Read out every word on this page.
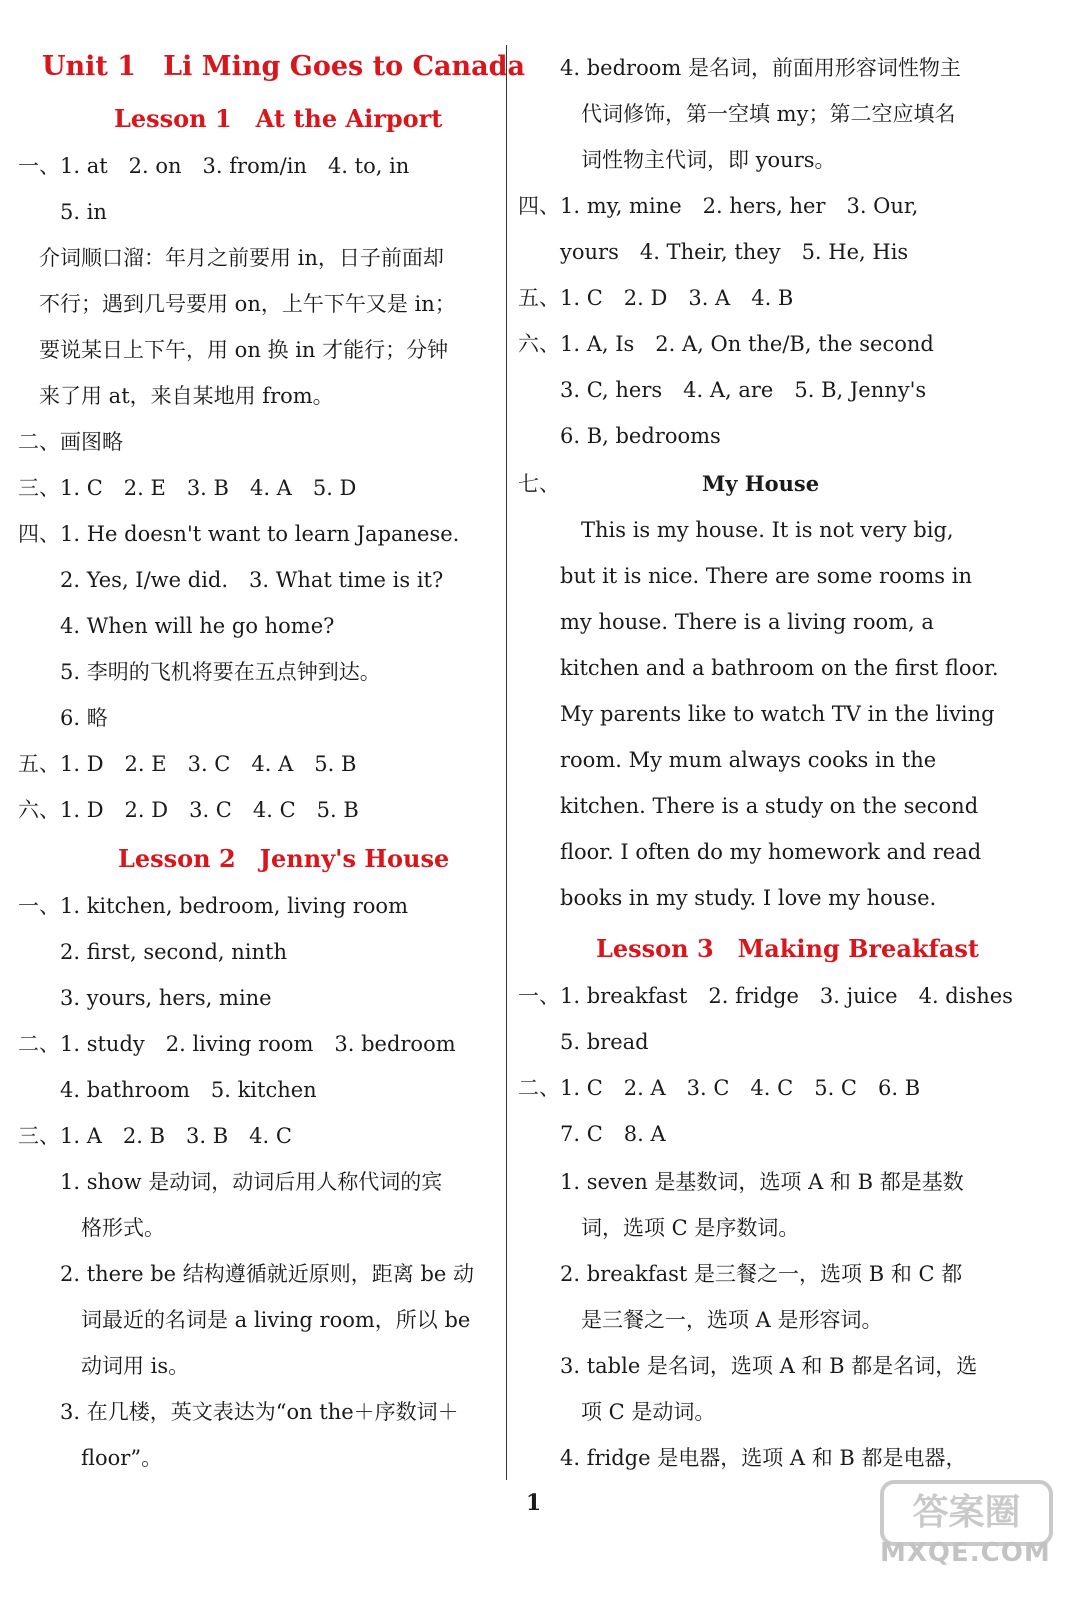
Unit 1　Li Ming Goes to Canada
Lesson 1　At the Airport
一、1. at　2. on　3. from/in　4. to, in
　　5. in
　介词顺口溜：年月之前要用 in，日子前面却
　不行；遇到几号要用 on，上午下午又是 in；
　要说某日上下午，用 on 换 in 才能行；分钟
　来了用 at，来自某地用 from。
二、画图略
三、1. C　2. E　3. B　4. A　5. D
四、1. He doesn't want to learn Japanese.
　　2. Yes, I/we did.　3. What time is it?
　　4. When will he go home?
　　5. 李明的飞机将要在五点钟到达。
　　6. 略
五、1. D　2. E　3. C　4. A　5. B
六、1. D　2. D　3. C　4. C　5. B
Lesson 2　Jenny's House
一、1. kitchen, bedroom, living room
　　2. first, second, ninth
　　3. yours, hers, mine
二、1. study　2. living room　3. bedroom
　　4. bathroom　5. kitchen
三、1. A　2. B　3. B　4. C
　　1. show 是动词，动词后用人称代词的宾
　　　格形式。
　　2. there be 结构遵循就近原则，距离 be 动
　　　词最近的名词是 a living room，所以 be
　　　动词用 is。
　　3. 在几楼，英文表达为“on the＋序数词＋
　　　floor”。
　　4. bedroom 是名词，前面用形容词性物主
　　　代词修饰，第一空填 my；第二空应填名
　　　词性物主代词，即 yours。
四、1. my, mine　2. hers, her　3. Our,
　　yours　4. Their, they　5. He, His
五、1. C　2. D　3. A　4. B
六、1. A, Is　2. A, On the/B, the second
　　3. C, hers　4. A, are　5. B, Jenny's
　　6. B, bedrooms
七、	My House
　　　This is my house. It is not very big,
　　but it is nice. There are some rooms in
　　my house. There is a living room, a
　　kitchen and a bathroom on the first floor.
　　My parents like to watch TV in the living
　　room. My mum always cooks in the
　　kitchen. There is a study on the second
　　floor. I often do my homework and read
　　books in my study. I love my house.
Lesson 3　Making Breakfast
一、1. breakfast　2. fridge　3. juice　4. dishes
　　5. bread
二、1. C　2. A　3. C　4. C　5. C　6. B
　　7. C　8. A
　　1. seven 是基数词，选项 A 和 B 都是基数
　　　词，选项 C 是序数词。
　　2. breakfast 是三餐之一，选项 B 和 C 都
　　　是三餐之一，选项 A 是形容词。
　　3. table 是名词，选项 A 和 B 都是名词，选
　　　项 C 是动词。
　　4. fridge 是电器，选项 A 和 B 都是电器，
1	答案圈
MXQE.COM
